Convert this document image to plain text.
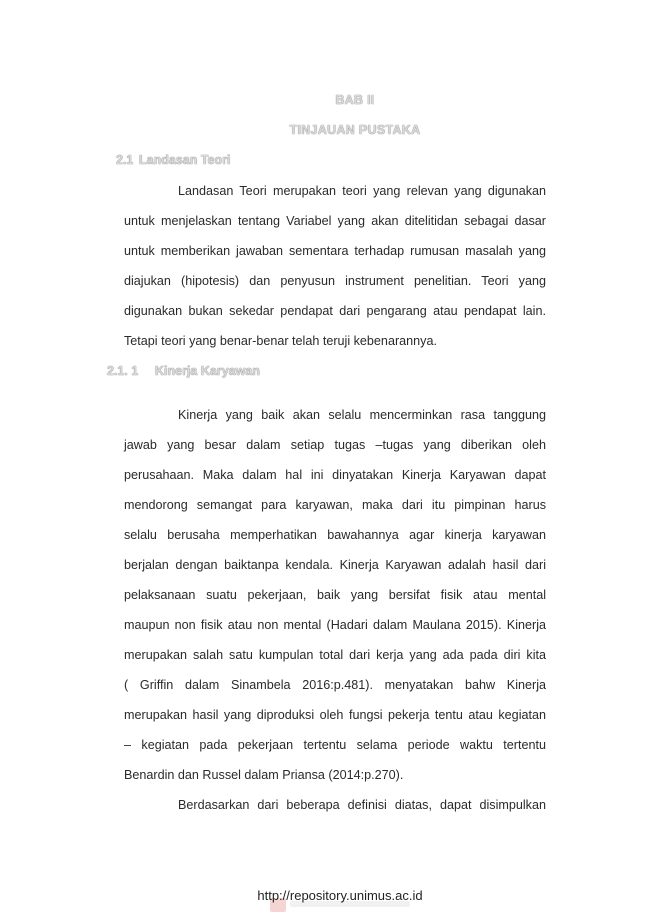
BAB II
TINJAUAN PUSTAKA
2.1 Landasan Teori
Landasan Teori merupakan teori yang relevan yang digunakan
untuk menjelaskan tentang Variabel yang akan ditelitidan sebagai dasar
untuk memberikan jawaban sementara terhadap rumusan masalah yang
diajukan (hipotesis) dan penyusun instrument penelitian. Teori yang
digunakan bukan sekedar pendapat dari pengarang atau pendapat lain.
Tetapi teori yang benar-benar telah teruji kebenarannya.
2.1. 1 Kinerja Karyawan
Kinerja yang baik akan selalu mencerminkan rasa tanggung
jawab yang besar dalam setiap tugas –tugas yang diberikan oleh
perusahaan. Maka dalam hal ini dinyatakan Kinerja Karyawan dapat
mendorong semangat para karyawan, maka dari itu pimpinan harus
selalu berusaha memperhatikan bawahannya agar kinerja karyawan
berjalan dengan baiktanpa kendala. Kinerja Karyawan adalah hasil dari
pelaksanaan suatu pekerjaan, baik yang bersifat fisik atau mental
maupun non fisik atau non mental (Hadari dalam Maulana 2015). Kinerja
merupakan salah satu kumpulan total dari kerja yang ada pada diri kita
( Griffin dalam Sinambela 2016:p.481). menyatakan bahw Kinerja
merupakan hasil yang diproduksi oleh fungsi pekerja tentu atau kegiatan
– kegiatan pada pekerjaan tertentu selama periode waktu tertentu
Benardin dan Russel dalam Priansa (2014:p.270).
Berdasarkan dari beberapa definisi diatas, dapat disimpulkan
http://repository.unimus.ac.id
